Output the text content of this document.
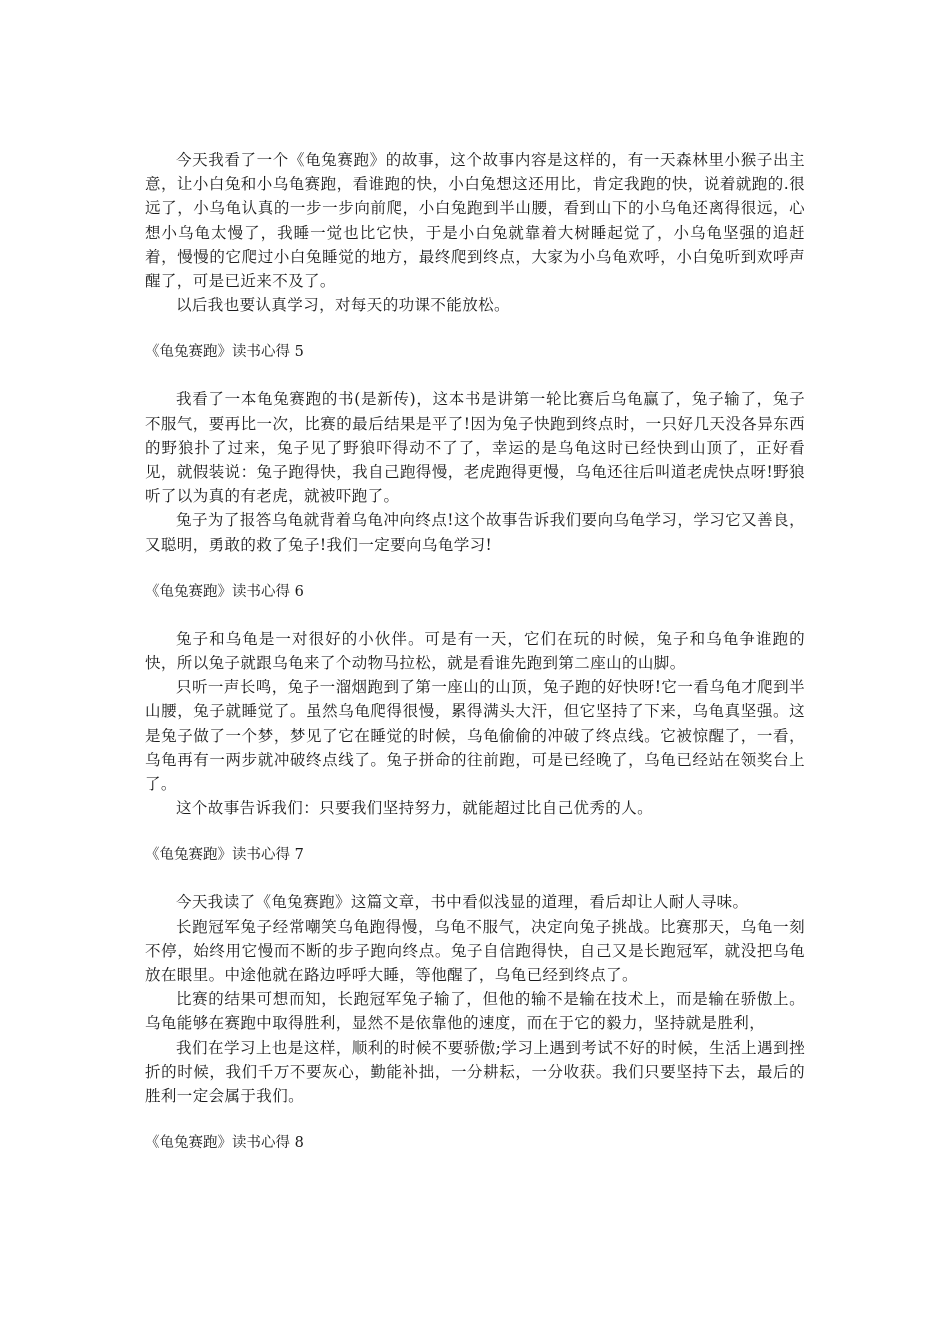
今天我看了一个《龟兔赛跑》的故事，这个故事内容是这样的，有一天森林里小猴子出主意，让小白兔和小乌龟赛跑，看谁跑的快，小白兔想这还用比，肯定我跑的快，说着就跑的.很远了，小乌龟认真的一步一步向前爬，小白兔跑到半山腰，看到山下的小乌龟还离得很远，心想小乌龟太慢了，我睡一觉也比它快，于是小白兔就靠着大树睡起觉了，小乌龟坚强的追赶着，慢慢的它爬过小白兔睡觉的地方，最终爬到终点，大家为小乌龟欢呼，小白兔听到欢呼声醒了，可是已近来不及了。

以后我也要认真学习，对每天的功课不能放松。

《龟兔赛跑》读书心得 5

我看了一本龟兔赛跑的书(是新传)，这本书是讲第一轮比赛后乌龟赢了，兔子输了，兔子不服气，要再比一次，比赛的最后结果是平了!因为兔子快跑到终点时，一只好几天没各异东西的野狼扑了过来，兔子见了野狼吓得动不了了，幸运的是乌龟这时已经快到山顶了，正好看见，就假装说：兔子跑得快，我自己跑得慢，老虎跑得更慢，乌龟还往后叫道老虎快点呀!野狼听了以为真的有老虎，就被吓跑了。

兔子为了报答乌龟就背着乌龟冲向终点!这个故事告诉我们要向乌龟学习，学习它又善良，又聪明，勇敢的救了兔子!我们一定要向乌龟学习!

《龟兔赛跑》读书心得 6

兔子和乌龟是一对很好的小伙伴。可是有一天，它们在玩的时候，兔子和乌龟争谁跑的快，所以兔子就跟乌龟来了个动物马拉松，就是看谁先跑到第二座山的山脚。

只听一声长鸣，兔子一溜烟跑到了第一座山的山顶，兔子跑的好快呀!它一看乌龟才爬到半山腰，兔子就睡觉了。虽然乌龟爬得很慢，累得满头大汗，但它坚持了下来，乌龟真坚强。这是兔子做了一个梦，梦见了它在睡觉的时候，乌龟偷偷的冲破了终点线。它被惊醒了，一看，乌龟再有一两步就冲破终点线了。兔子拼命的往前跑，可是已经晚了，乌龟已经站在领奖台上了。

这个故事告诉我们：只要我们坚持努力，就能超过比自己优秀的人。

《龟兔赛跑》读书心得 7

今天我读了《龟兔赛跑》这篇文章，书中看似浅显的道理，看后却让人耐人寻味。

长跑冠军兔子经常嘲笑乌龟跑得慢，乌龟不服气，决定向兔子挑战。比赛那天，乌龟一刻不停，始终用它慢而不断的步子跑向终点。兔子自信跑得快，自己又是长跑冠军，就没把乌龟放在眼里。中途他就在路边呼呼大睡，等他醒了，乌龟已经到终点了。

比赛的结果可想而知，长跑冠军兔子输了，但他的输不是输在技术上，而是输在骄傲上。乌龟能够在赛跑中取得胜利，显然不是依靠他的速度，而在于它的毅力，坚持就是胜利，

我们在学习上也是这样，顺利的时候不要骄傲;学习上遇到考试不好的时候，生活上遇到挫折的时候，我们千万不要灰心，勤能补拙，一分耕耘，一分收获。我们只要坚持下去，最后的胜利一定会属于我们。

《龟兔赛跑》读书心得 8
